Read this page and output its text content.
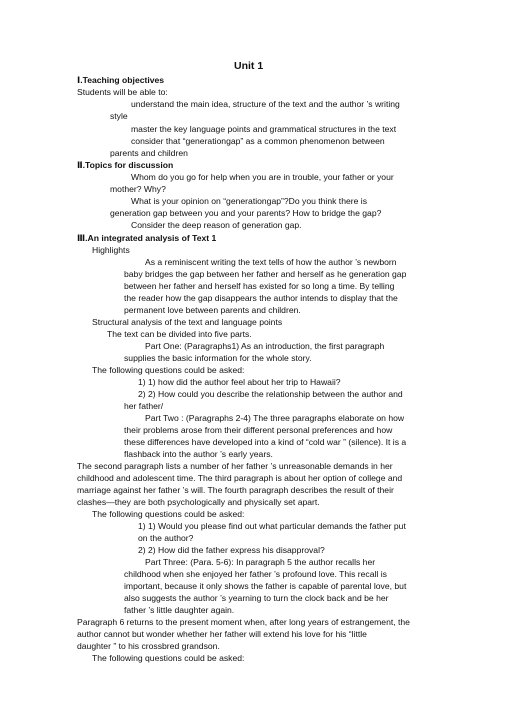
Unit 1
Ⅰ.Teaching objectives
Students will be able to:
understand the main idea, structure of the text and the author ’s writing
style
master the key language points and grammatical structures in the text
consider that “generationgap” as a common phenomenon between
parents and children
Ⅱ.Topics for discussion
Whom do you go for help when you are in trouble, your father or your
mother? Why?
What is your opinion on “generationgap”?Do you think there is
generation gap between you and your parents? How to bridge the gap?
Consider the deep reason of generation gap.
Ⅲ.An integrated analysis of Text 1
Highlights
As a reminiscent writing the text tells of how the author ’s newborn
baby bridges the gap between her father and herself as he generation gap
between her father and herself has existed for so long a time. By telling
the reader how the gap disappears the author intends to display that the
permanent love between parents and children.
Structural analysis of the text and language points
The text can be divided into five parts.
Part One: (Paragraphs1) As an introduction, the first paragraph
supplies the basic information for the whole story.
The following questions could be asked:
1) 1) how did the author feel about her trip to Hawaii?
2) 2) How could you describe the relationship between the author and
her father/
Part Two : (Paragraphs 2-4) The three paragraphs elaborate on how
their problems arose from their different personal preferences and how
these differences have developed into a kind of “cold war ” (silence). It is a
flashback into the author ’s early years.
The second paragraph lists a number of her father ’s unreasonable demands in her
childhood and adolescent time. The third paragraph is about her option of college and
marriage against her father ’s will. The fourth paragraph describes the result of their
clashes—they are both psychologically and physically set apart.
The following questions could be asked:
1) 1) Would you please find out what particular demands the father put
on the author?
2) 2) How did the father express his disapproval?
Part Three: (Para. 5-6): In paragraph 5 the author recalls her
childhood when she enjoyed her father ’s profound love. This recall is
important, because it only shows the father is capable of parental love, but
also suggests the author ’s yearning to turn the clock back and be her
father ’s little daughter again.
Paragraph 6 returns to the present moment when, after long years of estrangement, the
author cannot but wonder whether her father will extend his love for his “little
daughter ” to his crossbred grandson.
The following questions could be asked:
